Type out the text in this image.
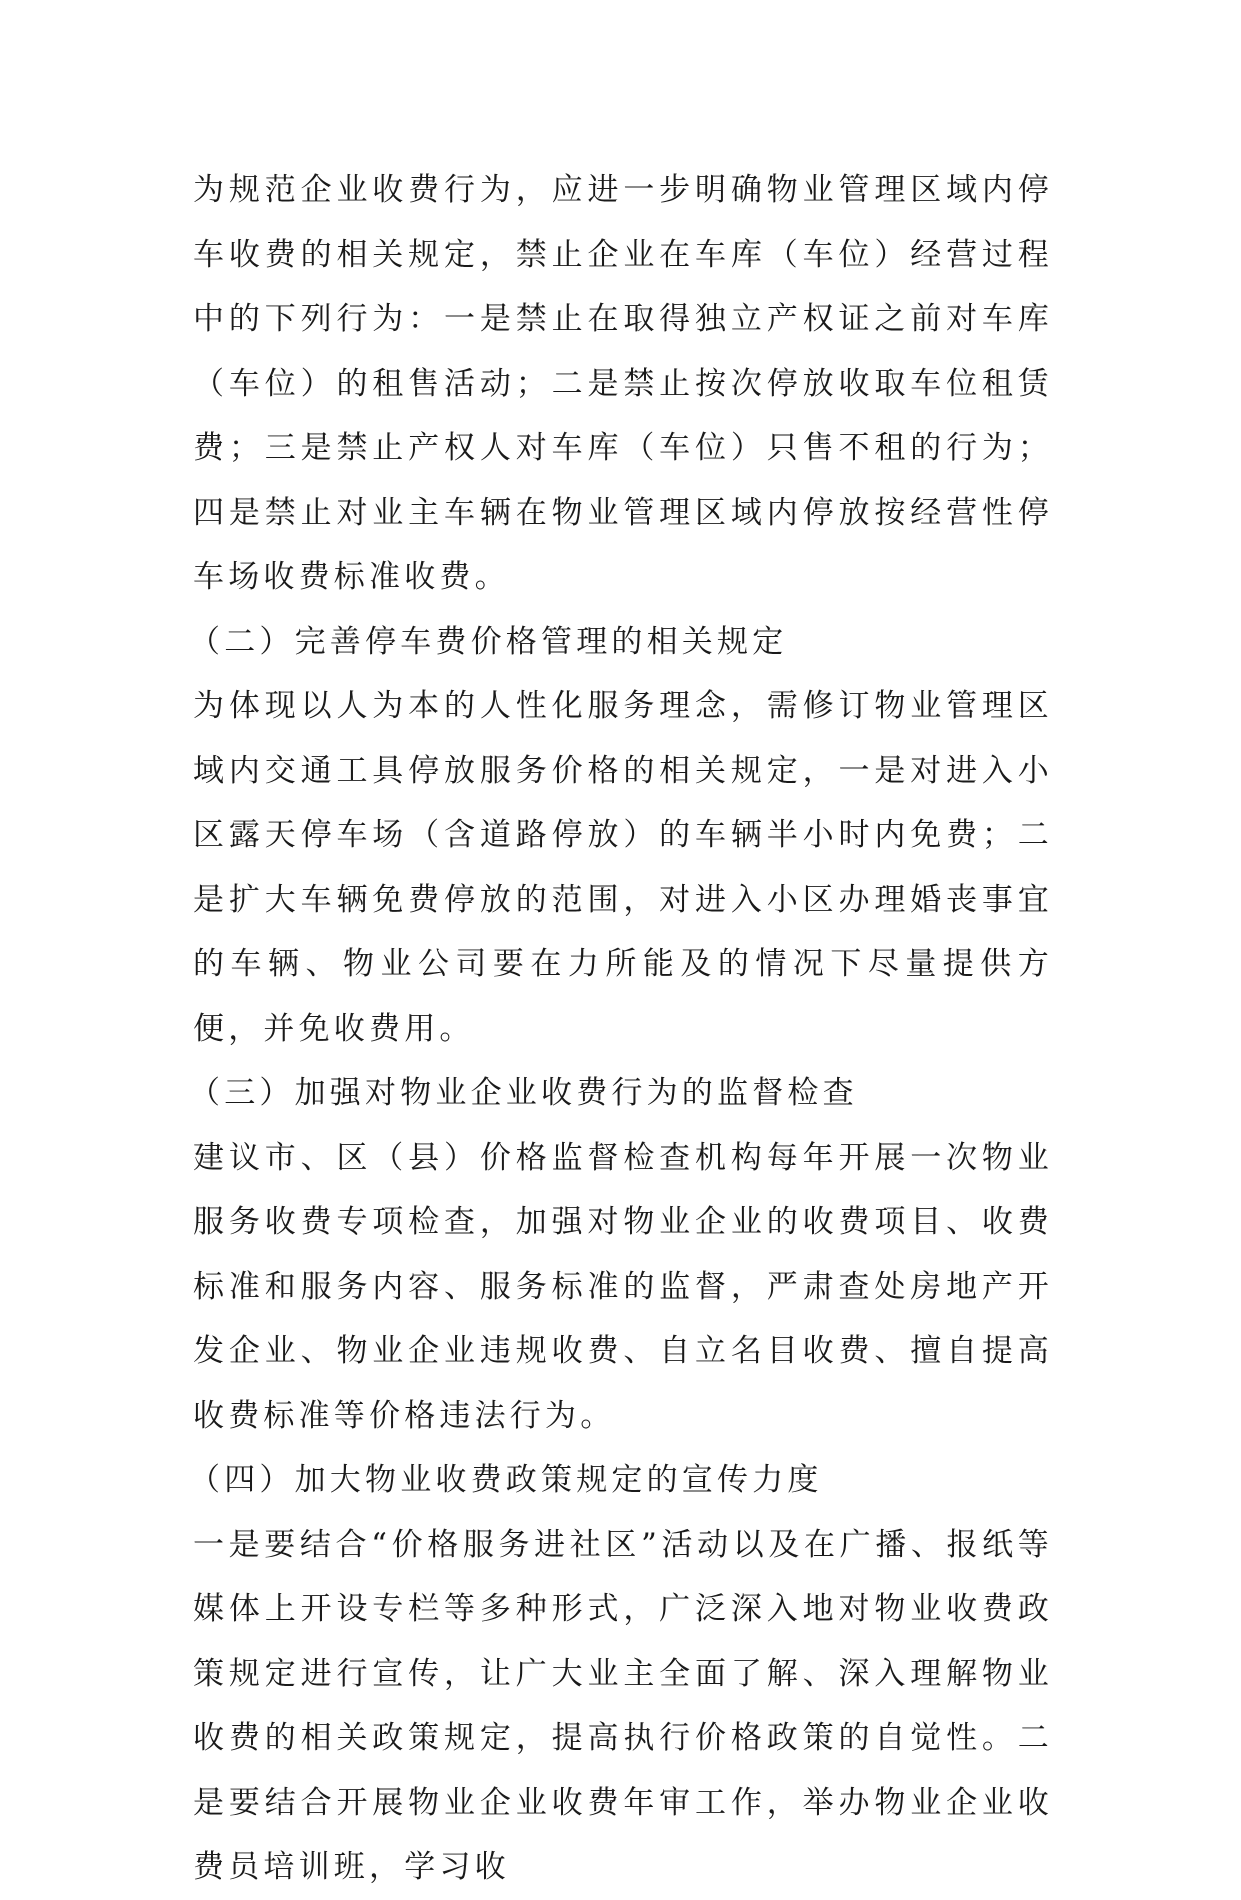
为规范企业收费行为，应进一步明确物业管理区域内停车收费的相关规定，禁止企业在车库（车位）经营过程中的下列行为：一是禁止在取得独立产权证之前对车库（车位）的租售活动；二是禁止按次停放收取车位租赁费；三是禁止产权人对车库（车位）只售不租的行为；四是禁止对业主车辆在物业管理区域内停放按经营性停车场收费标准收费。

（二）完善停车费价格管理的相关规定

为体现以人为本的人性化服务理念，需修订物业管理区域内交通工具停放服务价格的相关规定，一是对进入小区露天停车场（含道路停放）的车辆半小时内免费；二是扩大车辆免费停放的范围，对进入小区办理婚丧事宜的车辆、物业公司要在力所能及的情况下尽量提供方便，并免收费用。

（三）加强对物业企业收费行为的监督检查

建议市、区（县）价格监督检查机构每年开展一次物业服务收费专项检查，加强对物业企业的收费项目、收费标准和服务内容、服务标准的监督，严肃查处房地产开发企业、物业企业违规收费、自立名目收费、擅自提高收费标准等价格违法行为。

（四）加大物业收费政策规定的宣传力度

一是要结合“价格服务进社区”活动以及在广播、报纸等媒体上开设专栏等多种形式，广泛深入地对物业收费政策规定进行宣传，让广大业主全面了解、深入理解物业收费的相关政策规定，提高执行价格政策的自觉性。二是要结合开展物业企业收费年审工作，举办物业企业收费员培训班，学习收
